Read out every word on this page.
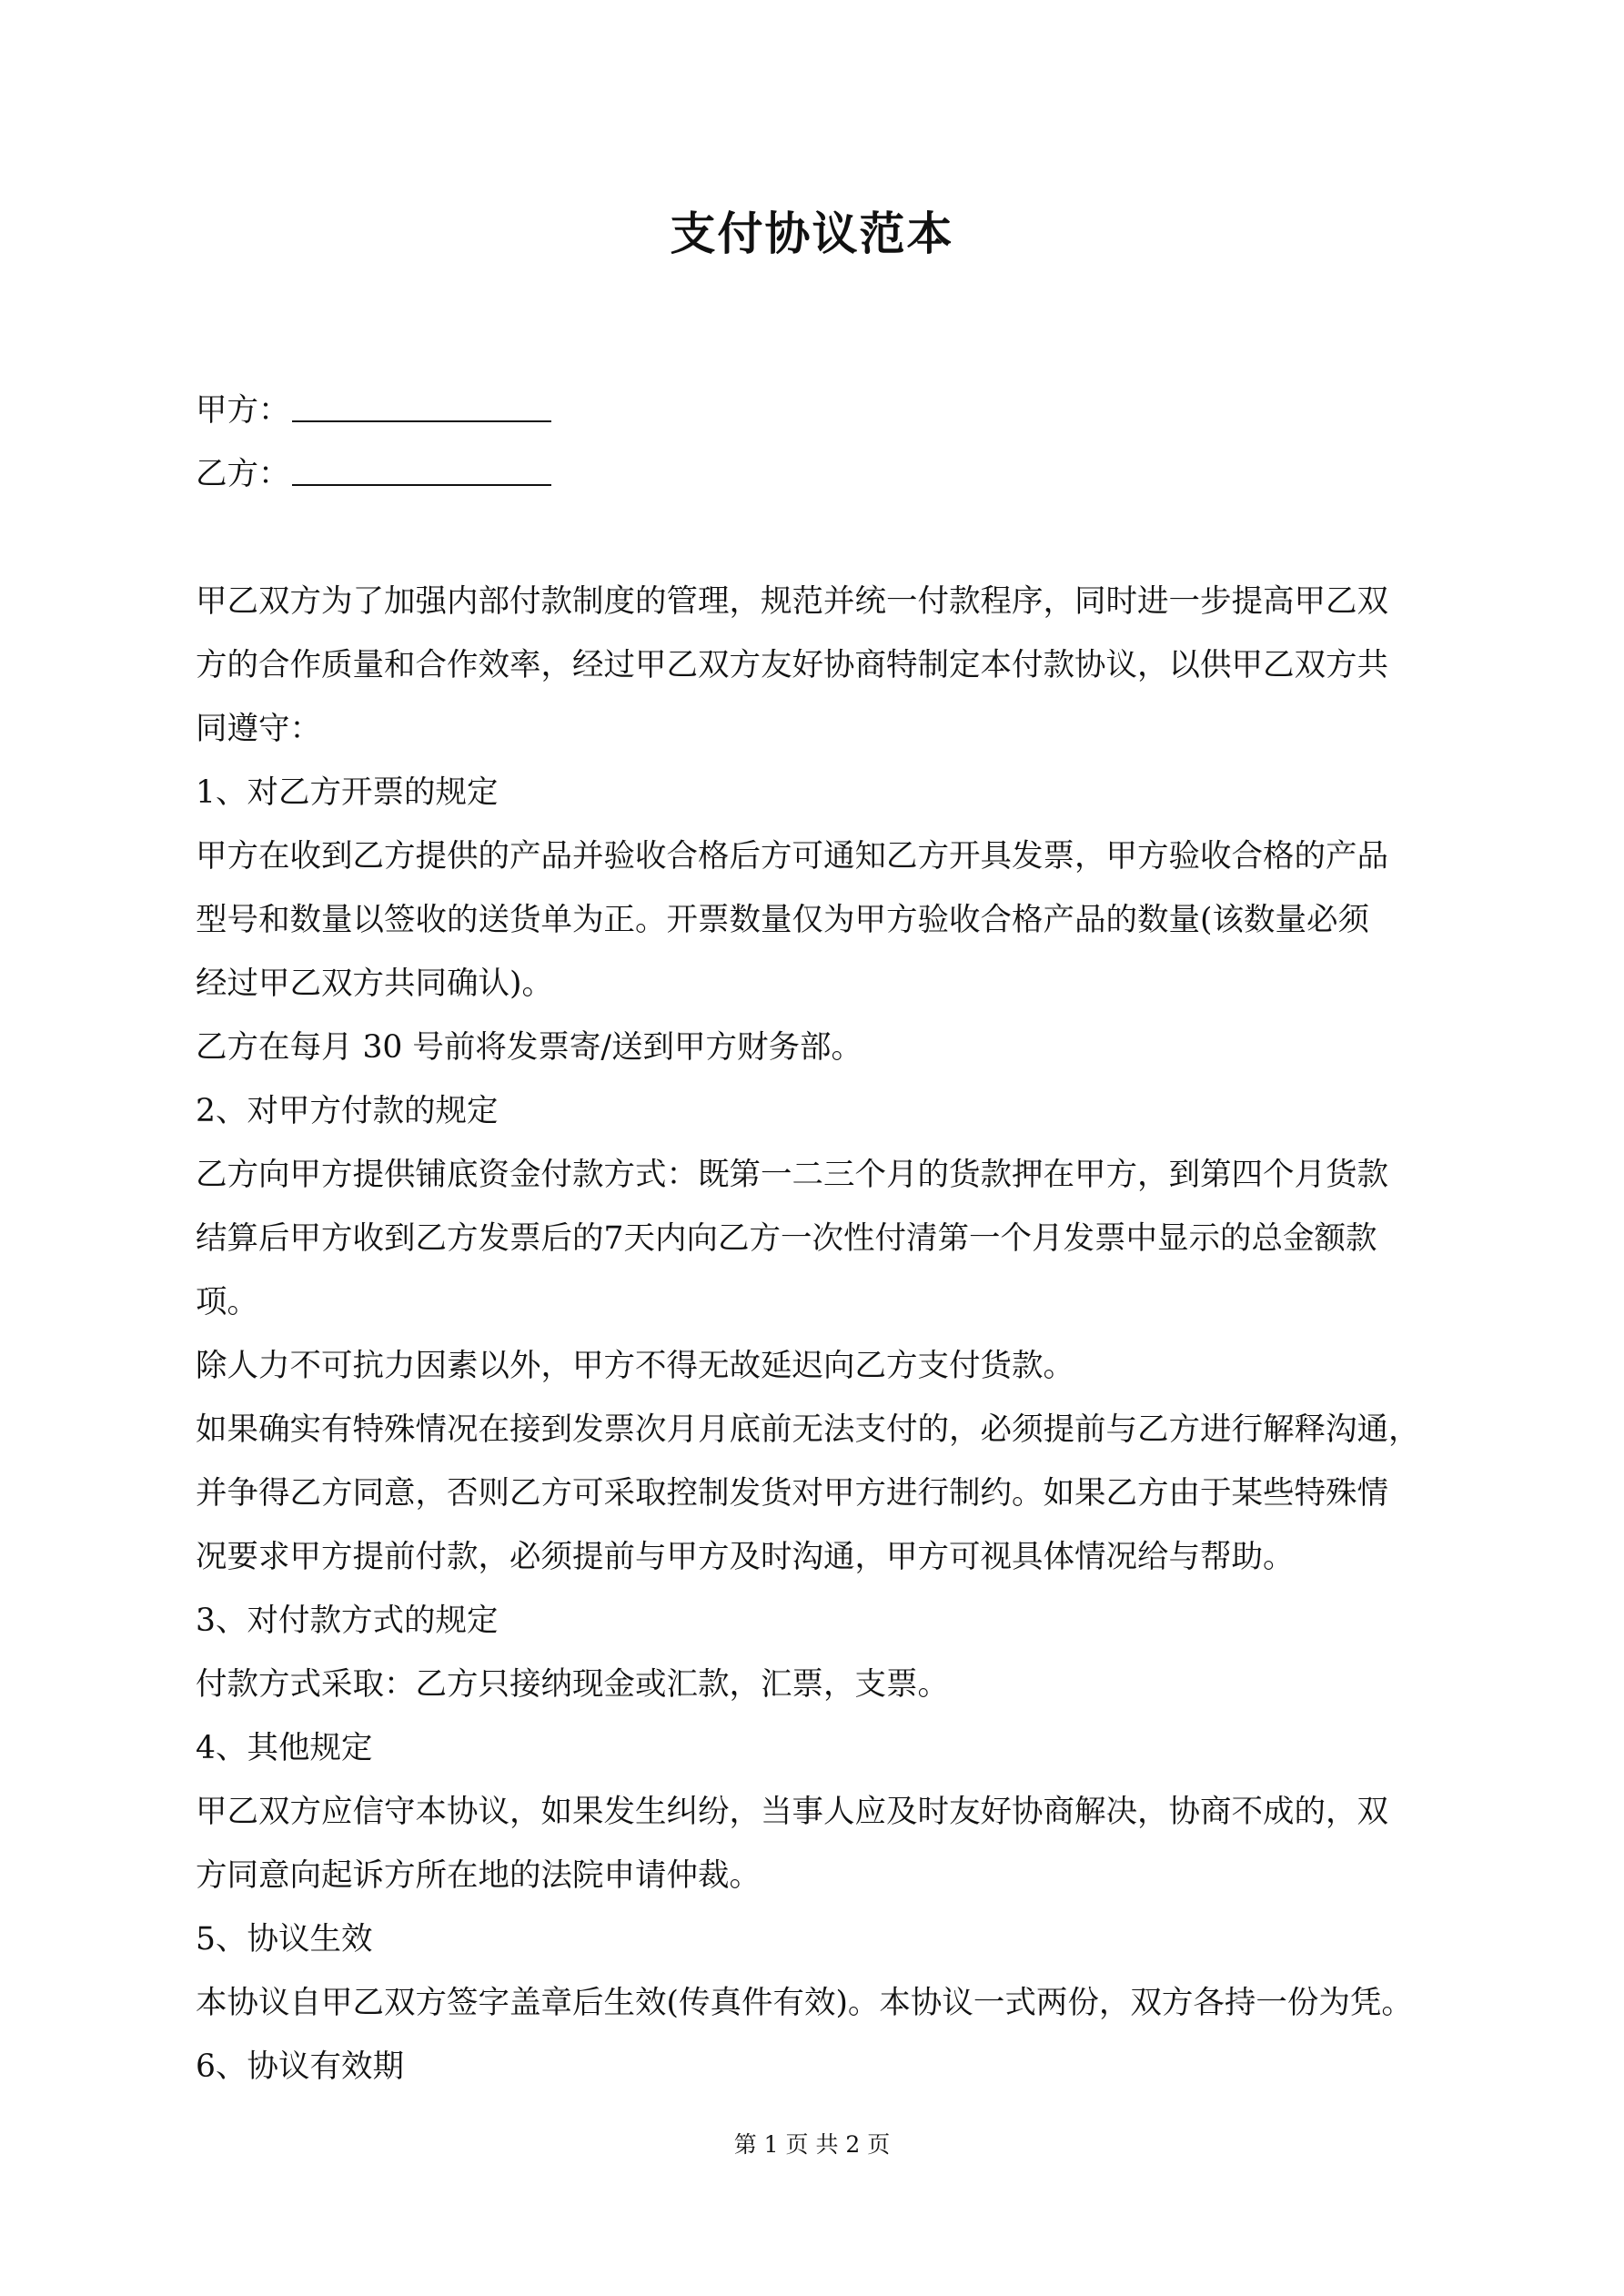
支付协议范本

甲方：

乙方：

甲乙双方为了加强内部付款制度的管理，规范并统一付款程序，同时进一步提高甲乙双

方的合作质量和合作效率，经过甲乙双方友好协商特制定本付款协议，以供甲乙双方共

同遵守：

1、对乙方开票的规定

甲方在收到乙方提供的产品并验收合格后方可通知乙方开具发票，甲方验收合格的产品

型号和数量以签收的送货单为正。开票数量仅为甲方验收合格产品的数量(该数量必须

经过甲乙双方共同确认)。

乙方在每月 30 号前将发票寄/送到甲方财务部。

2、对甲方付款的规定

乙方向甲方提供铺底资金付款方式：既第一二三个月的货款押在甲方，到第四个月货款

结算后甲方收到乙方发票后的7天内向乙方一次性付清第一个月发票中显示的总金额款

项。

除人力不可抗力因素以外，甲方不得无故延迟向乙方支付货款。

如果确实有特殊情况在接到发票次月月底前无法支付的，必须提前与乙方进行解释沟通，

并争得乙方同意，否则乙方可采取控制发货对甲方进行制约。如果乙方由于某些特殊情

况要求甲方提前付款，必须提前与甲方及时沟通，甲方可视具体情况给与帮助。

3、对付款方式的规定

付款方式采取：乙方只接纳现金或汇款，汇票，支票。

4、其他规定

甲乙双方应信守本协议，如果发生纠纷，当事人应及时友好协商解决，协商不成的，双

方同意向起诉方所在地的法院申请仲裁。

5、协议生效

本协议自甲乙双方签字盖章后生效(传真件有效)。本协议一式两份，双方各持一份为凭。

6、协议有效期

第 1 页 共 2 页
